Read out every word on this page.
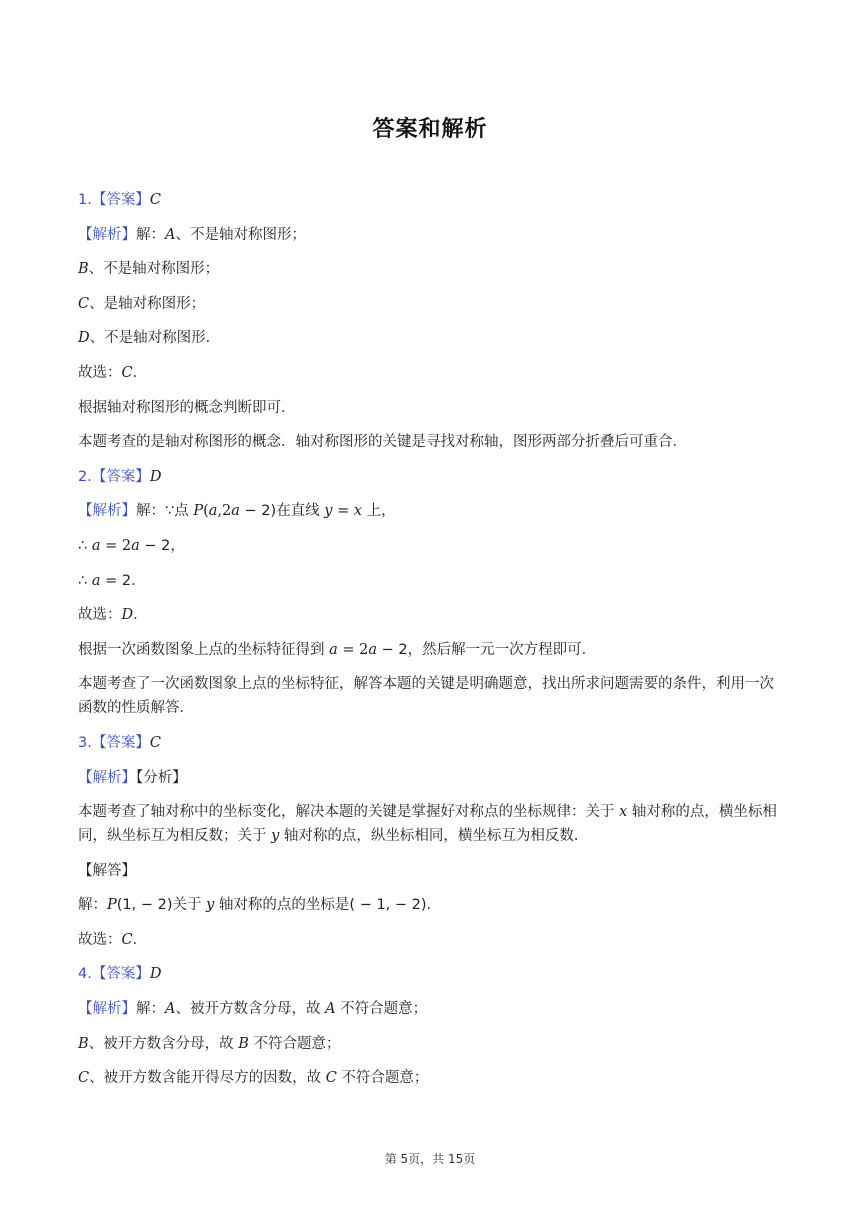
答案和解析
1.【答案】C
【解析】解：A、不是轴对称图形；
B、不是轴对称图形；
C、是轴对称图形；
D、不是轴对称图形．
故选：C．
根据轴对称图形的概念判断即可．
本题考查的是轴对称图形的概念．轴对称图形的关键是寻找对称轴，图形两部分折叠后可重合．
2.【答案】D
【解析】解：∵点 P(a,2a − 2)在直线 y = x 上，
∴ a = 2a − 2，
∴ a = 2．
故选：D．
根据一次函数图象上点的坐标特征得到 a = 2a − 2，然后解一元一次方程即可．
本题考查了一次函数图象上点的坐标特征，解答本题的关键是明确题意，找出所求问题需要的条件，利用一次函数的性质解答．
3.【答案】C
【解析】【分析】
本题考查了轴对称中的坐标变化，解决本题的关键是掌握好对称点的坐标规律：关于 x 轴对称的点，横坐标相同，纵坐标互为相反数；关于 y 轴对称的点，纵坐标相同，横坐标互为相反数．
【解答】
解：P(1, − 2)关于 y 轴对称的点的坐标是( − 1, − 2)．
故选：C．
4.【答案】D
【解析】解：A、被开方数含分母，故 A 不符合题意；
B、被开方数含分母，故 B 不符合题意；
C、被开方数含能开得尽方的因数，故 C 不符合题意；
第 5页，共 15页
